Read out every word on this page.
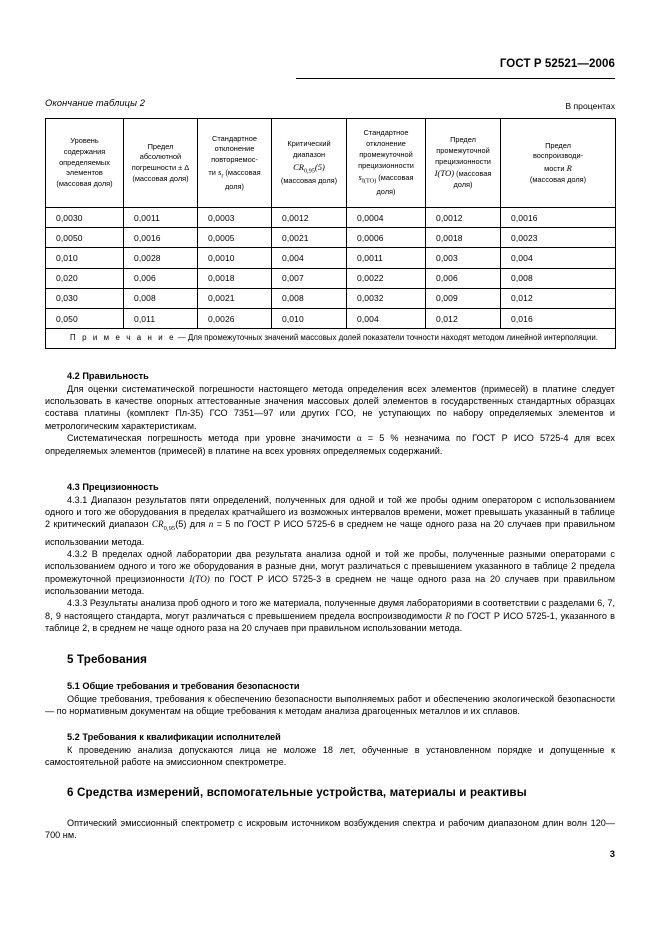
ГОСТ Р 52521—2006
Окончание таблицы 2	В процентах
Уровень
содержания
определяемых
элементов
(массовая доля)	Предел
абсолютной
погрешности ± Δ
(массовая доля)	Стандартное
отклонение
повторяемос-
ти $s_r$ (массовая
доля)	Критический
диапазон
$CR_{0,95}(5)$
(массовая доля)	Стандартное
отклонение
промежуточной
прецизионности
$s_{I(TO)}$ (массовая
доля)	Предел
промежуточной
прецизионности
I(TO) (массовая
доля)	Предел
воспроизводи-
мости R
(массовая доля)
0,0030	0,0011	0,0003	0,0012	0,0004	0,0012	0,0016
0,0050	0,0016	0,0005	0,0021	0,0006	0,0018	0,0023
0,010	0,0028	0,0010	0,004	0,0011	0,003	0,004
0,020	0,006	0,0018	0,007	0,0022	0,006	0,008
0,030	0,008	0,0021	0,008	0,0032	0,009	0,012
0,050	0,011	0,0026	0,010	0,004	0,012	0,016
П р и м е ч а н и е — Для промежуточных значений массовых долей показатели точности находят методом линейной интерполяции.						
4.2 Правильность

Для оценки систематической погрешности настоящего метода определения всех элементов (примесей) в платине следует использовать в качестве опорных аттестованные значения массовых долей элементов в государственных стандартных образцах состава платины (комплект Пл-35) ГСО 7351—97 или других ГСО, не уступающих по набору определяемых элементов и метрологическим характеристикам.

Систематическая погрешность метода при уровне значимости α = 5 % незначима по ГОСТ Р ИСО 5725-4 для всех определяемых элементов (примесей) в платине на всех уровнях определяемых содержаний.

4.3 Прецизионность

4.3.1 Диапазон результатов пяти определений, полученных для одной и той же пробы одним оператором с использованием одного и того же оборудования в пределах кратчайшего из возможных интервалов времени, может превышать указанный в таблице 2 критический диапазон $CR_{0,95}(5)$ для n = 5 по ГОСТ Р ИСО 5725-6 в среднем не чаще одного раза на 20 случаев при правильном использовании метода.

4.3.2 В пределах одной лаборатории два результата анализа одной и той же пробы, полученные разными операторами с использованием одного и того же оборудования в разные дни, могут различаться с превышением указанного в таблице 2 предела промежуточной прецизионности I(TO) по ГОСТ Р ИСО 5725-3 в среднем не чаще одного раза на 20 случаев при правильном использовании метода.

4.3.3 Результаты анализа проб одного и того же материала, полученные двумя лабораториями в соответствии с разделами 6, 7, 8, 9 настоящего стандарта, могут различаться с превышением предела воспроизводимости R по ГОСТ Р ИСО 5725-1, указанного в таблице 2, в среднем не чаще одного раза на 20 случаев при правильном использовании метода.

5 Требования
5.1 Общие требования и требования безопасности

Общие требования, требования к обеспечению безопасности выполняемых работ и обеспечению экологической безопасности — по нормативным документам на общие требования к методам анализа драгоценных металлов и их сплавов.

5.2 Требования к квалификации исполнителей

К проведению анализа допускаются лица не моложе 18 лет, обученные в установленном порядке и допущенные к самостоятельной работе на эмиссионном спектрометре.

6 Средства измерений, вспомогательные устройства, материалы и реактивы

Оптический эмиссионный спектрометр с искровым источником возбуждения спектра и рабочим диапазоном длин волн 120—700 нм.

3
